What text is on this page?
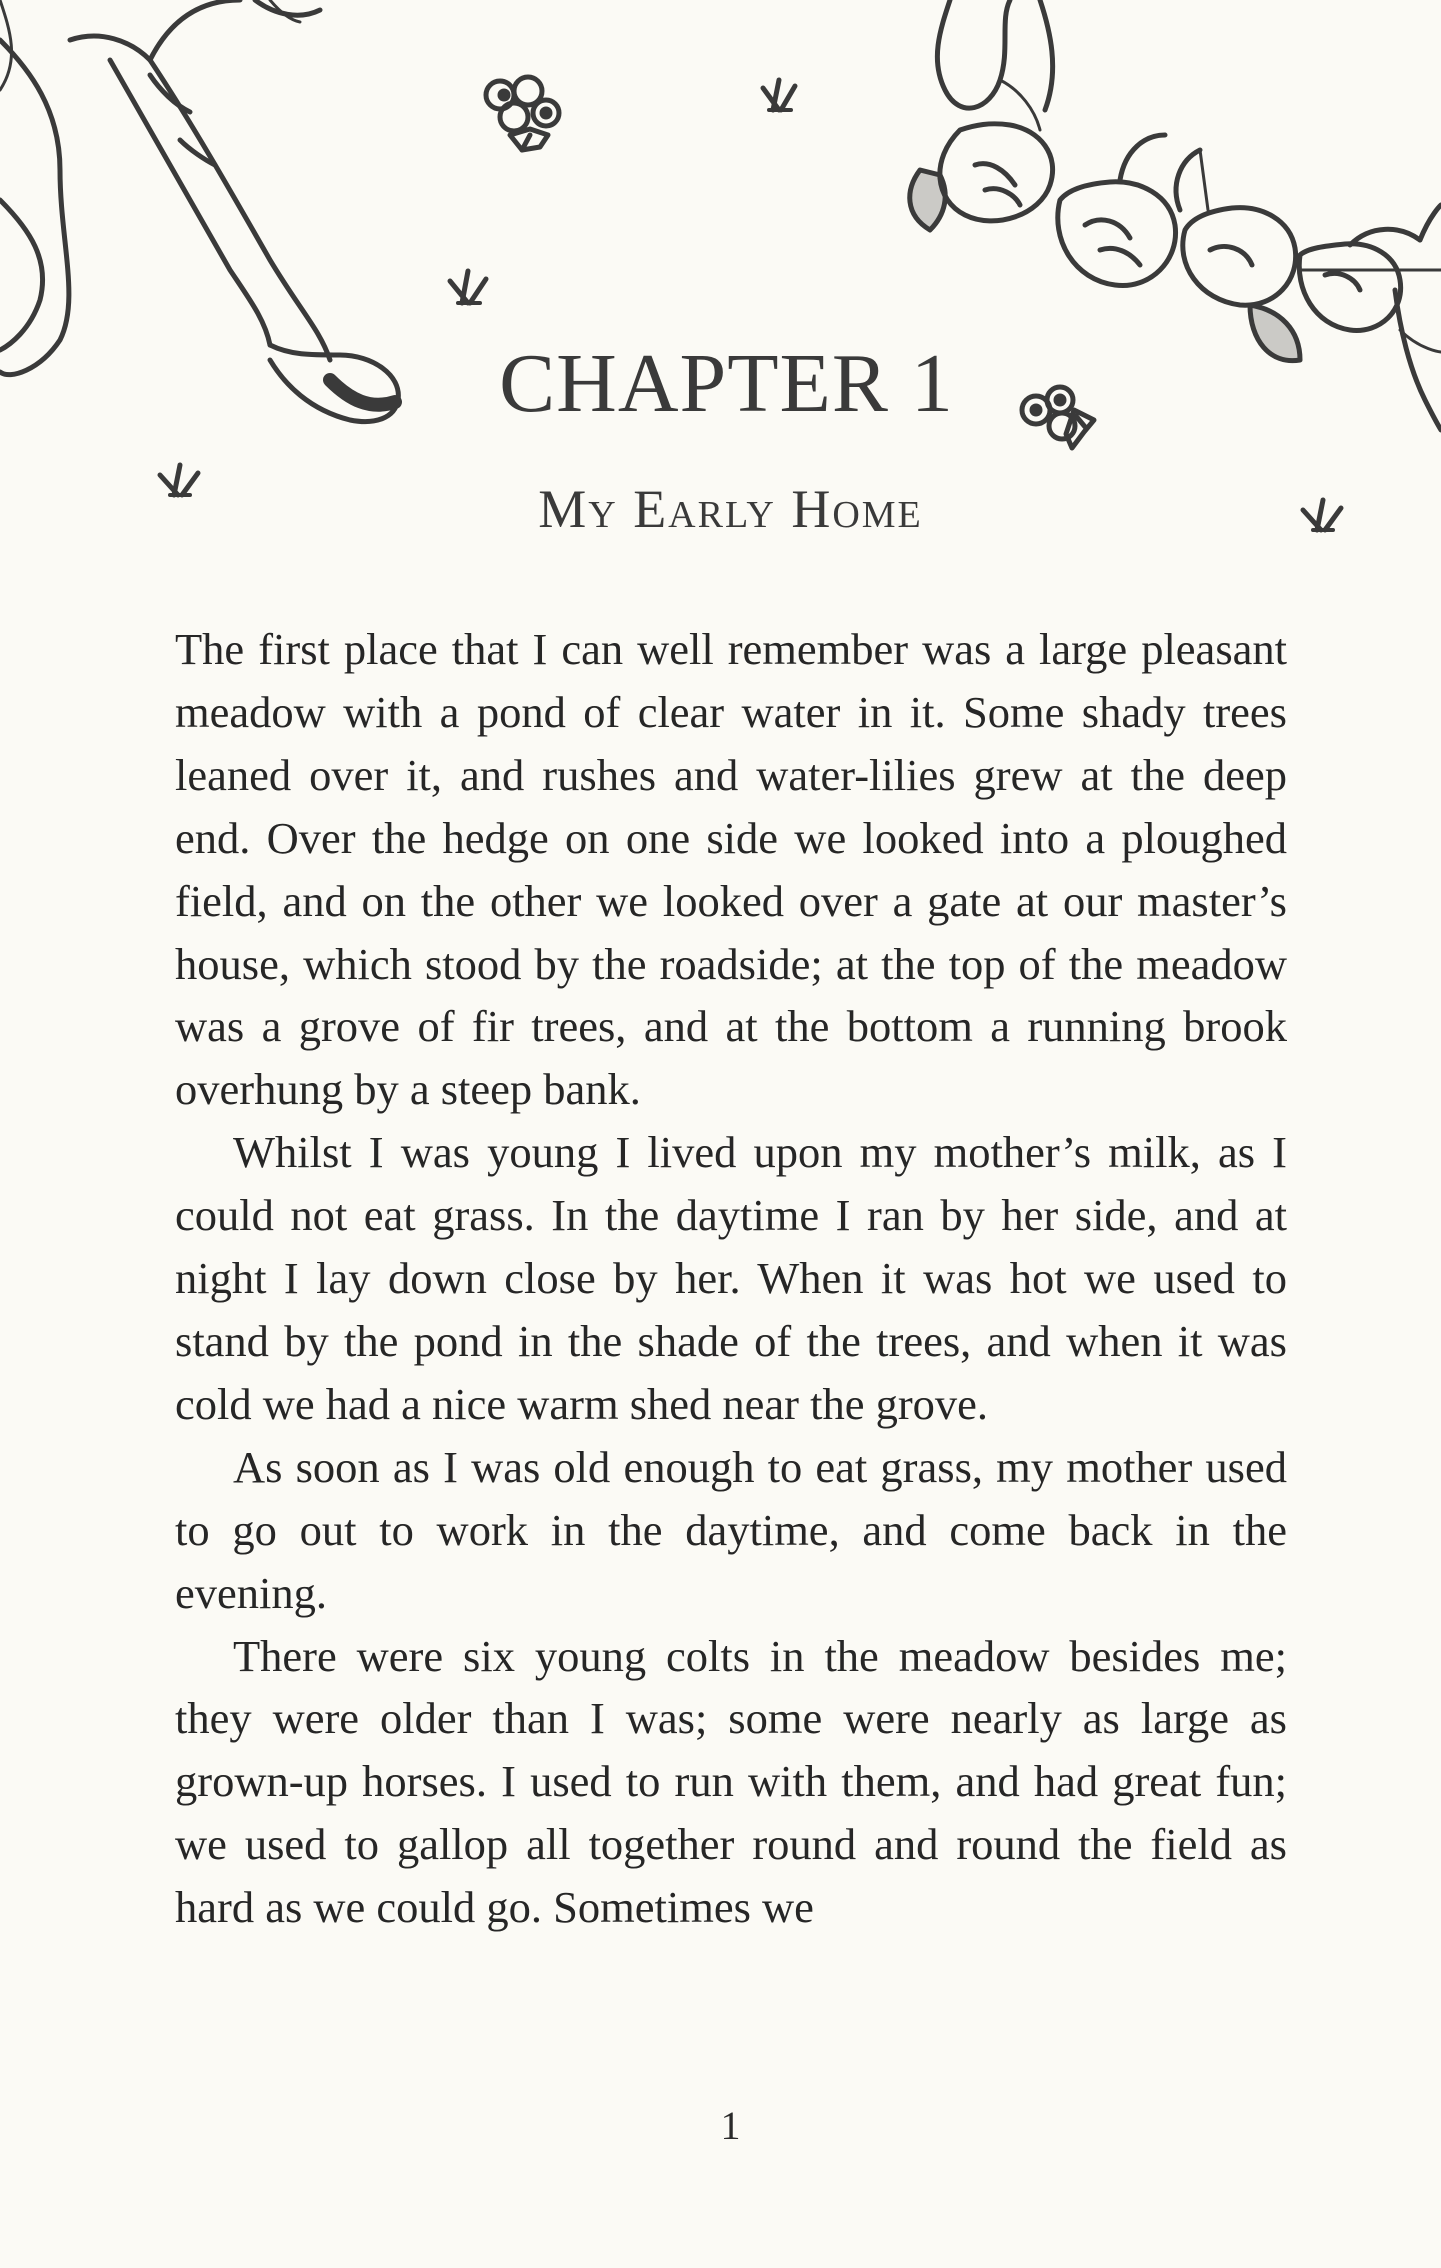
CHAPTER 1
My Early Home

The first place that I can well remember was a large pleasant meadow with a pond of clear water in it. Some shady trees leaned over it, and rushes and water-lilies grew at the deep end. Over the hedge on one side we looked into a ploughed field, and on the other we looked over a gate at our master’s house, which stood by the roadside; at the top of the meadow was a grove of fir trees, and at the bottom a running brook overhung by a steep bank.

Whilst I was young I lived upon my mother’s milk, as I could not eat grass. In the daytime I ran by her side, and at night I lay down close by her. When it was hot we used to stand by the pond in the shade of the trees, and when it was cold we had a nice warm shed near the grove.

As soon as I was old enough to eat grass, my mother used to go out to work in the daytime, and come back in the evening.

There were six young colts in the meadow besides me; they were older than I was; some were nearly as large as grown-up horses. I used to run with them, and had great fun; we used to gallop all together round and round the field as hard as we could go. Sometimes we

1
